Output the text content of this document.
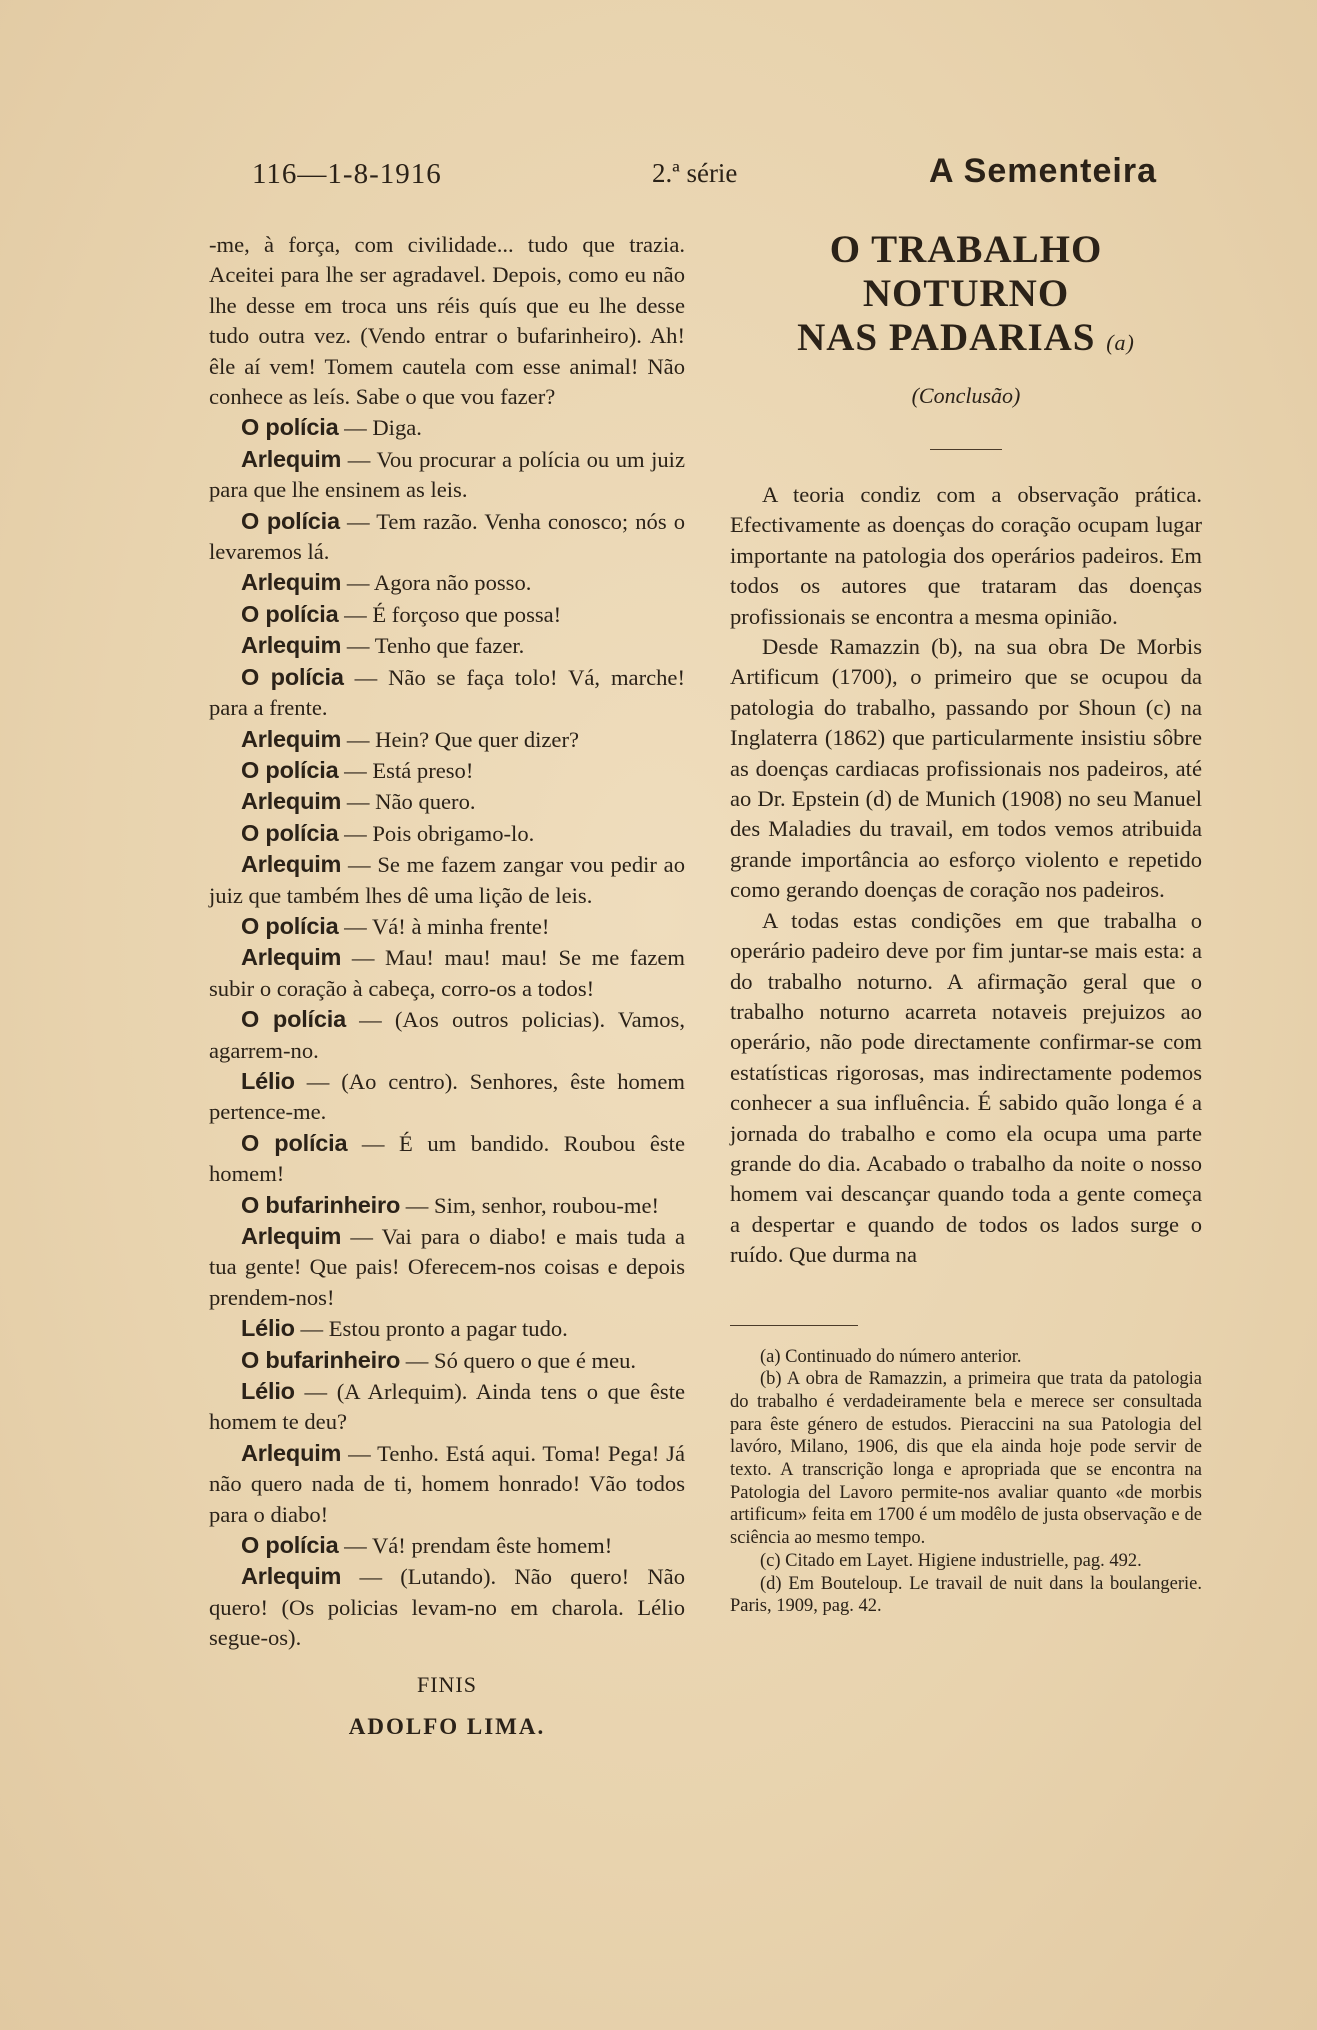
116—1-8-1916	2.ª série	A Sementeira

-me, à força, com civilidade... tudo que trazia. Aceitei para lhe ser agradavel. Depois, como eu não lhe desse em troca uns réis quís que eu lhe desse tudo outra vez. (Vendo entrar o bufarinheiro). Ah! êle aí vem! Tomem cautela com esse animal! Não conhece as leís. Sabe o que vou fazer?

O polícia — Diga.

Arlequim — Vou procurar a polícia ou um juiz para que lhe ensinem as leis.

O polícia — Tem razão. Venha conosco; nós o levaremos lá.

Arlequim — Agora não posso.

O polícia — É forçoso que possa!

Arlequim — Tenho que fazer.

O polícia — Não se faça tolo! Vá, marche! para a frente.

Arlequim — Hein? Que quer dizer?

O polícia — Está preso!

Arlequim — Não quero.

O polícia — Pois obrigamo-lo.

Arlequim — Se me fazem zangar vou pedir ao juiz que também lhes dê uma lição de leis.

O polícia — Vá! à minha frente!

Arlequim — Mau! mau! mau! Se me fazem subir o coração à cabeça, corro-os a todos!

O polícia — (Aos outros policias). Vamos, agarrem-no.

Lélio — (Ao centro). Senhores, êste homem pertence-me.

O polícia — É um bandido. Roubou êste homem!

O bufarinheiro — Sim, senhor, roubou-me!

Arlequim — Vai para o diabo! e mais tuda a tua gente! Que pais! Oferecem-nos coisas e depois prendem-nos!

Lélio — Estou pronto a pagar tudo.

O bufarinheiro — Só quero o que é meu.

Lélio — (A Arlequim). Ainda tens o que êste homem te deu?

Arlequim — Tenho. Está aqui. Toma! Pega! Já não quero nada de ti, homem honrado! Vão todos para o diabo!

O polícia — Vá! prendam êste homem!

Arlequim — (Lutando). Não quero! Não quero! (Os policias levam-no em charola. Lélio segue-os).

FINIS

ADOLFO LIMA.

O TRABALHO NOTURNO

NAS PADARIAS (a)

(Conclusão)

A teoria condiz com a observação prática. Efectivamente as doenças do coração ocupam lugar importante na patologia dos operários padeiros. Em todos os autores que trataram das doenças profissionais se encontra a mesma opinião.

Desde Ramazzin (b), na sua obra De Morbis Artificum (1700), o primeiro que se ocupou da patologia do trabalho, passando por Shoun (c) na Inglaterra (1862) que particularmente insistiu sôbre as doenças cardiacas profissionais nos padeiros, até ao Dr. Epstein (d) de Munich (1908) no seu Manuel des Maladies du travail, em todos vemos atribuida grande importância ao esforço violento e repetido como gerando doenças de coração nos padeiros.

A todas estas condições em que trabalha o operário padeiro deve por fim juntar-se mais esta: a do trabalho noturno. A afirmação geral que o trabalho noturno acarreta notaveis prejuizos ao operário, não pode directamente confirmar-se com estatísticas rigorosas, mas indirectamente podemos conhecer a sua influência. É sabido quão longa é a jornada do trabalho e como ela ocupa uma parte grande do dia. Acabado o trabalho da noite o nosso homem vai descançar quando toda a gente começa a despertar e quando de todos os lados surge o ruído. Que durma na

(a) Continuado do número anterior.

(b) A obra de Ramazzin, a primeira que trata da patologia do trabalho é verdadeiramente bela e merece ser consultada para êste género de estudos. Pieraccini na sua Patologia del lavóro, Milano, 1906, dis que ela ainda hoje pode servir de texto. A transcrição longa e apropriada que se encontra na Patologia del Lavoro permite-nos avaliar quanto «de morbis artificum» feita em 1700 é um modêlo de justa observação e de sciência ao mesmo tempo.

(c) Citado em Layet. Higiene industrielle, pag. 492.

(d) Em Bouteloup. Le travail de nuit dans la boulangerie. Paris, 1909, pag. 42.
